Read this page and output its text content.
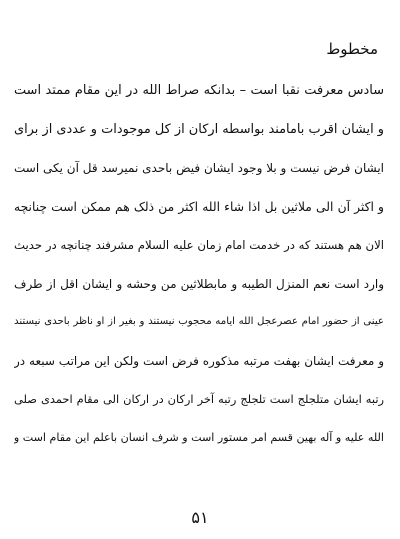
مخطوط
سادس معرفت نقبا است – بدانکه صراط الله در این مقام ممتد است
و ایشان اقرب بامامند بواسطه ارکان از کل موجودات و عددی از برای
ایشان فرض نیست و بلا وجود ایشان فیض باحدی نمیرسد قل آن یکی است
و اکثر آن الی ملاثین بل اذا شاء الله اکثر من ذلک هم ممکن است چنانچه
الان هم هستند که در خدمت امام زمان علیه السلام مشرفند چنانچه در حدیث
وارد است نعم المنزل الطیبه و مابطلاثین من وحشه و ایشان اقل از طرف
عینی از حضور امام عصرعجل الله ایامه محجوب نیستند و بغیر از او ناظر باحدی نیستند
و معرفت ایشان بهفت مرتبه مذکوره فرض است ولکن این مراتب سبعه در
رتبه ایشان متلجلج است تلجلج رتبه آخر ارکان در ارکان الی مقام احمدی صلی
الله علیه و آله بهین قسم امر مستور است و شرف انسان باعلم این مقام است و
۵۱
